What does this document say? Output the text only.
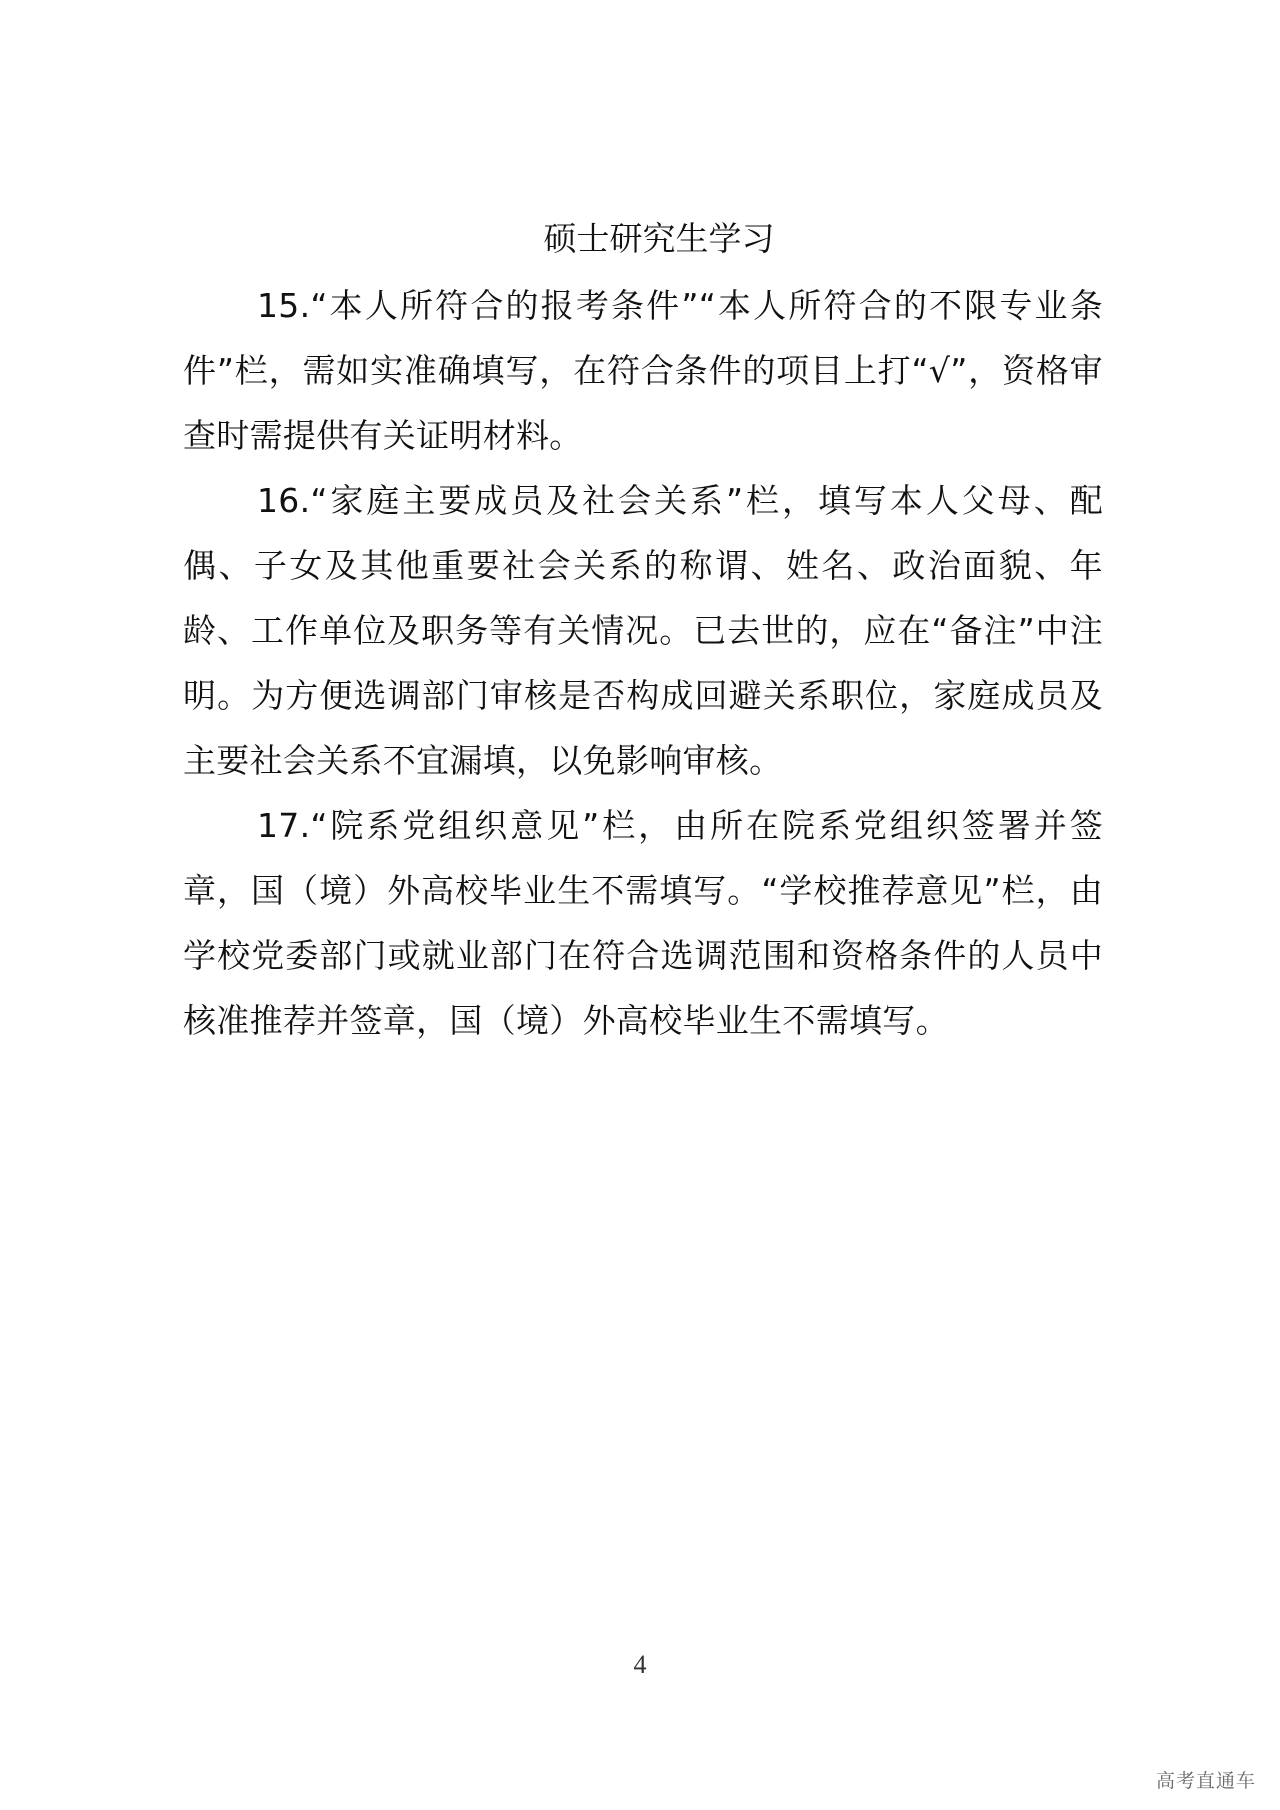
硕士研究生学习

15.“本人所符合的报考条件”“本人所符合的不限专业条件”栏，需如实准确填写，在符合条件的项目上打“√”，资格审查时需提供有关证明材料。

16.“家庭主要成员及社会关系”栏，填写本人父母、配偶、子女及其他重要社会关系的称谓、姓名、政治面貌、年龄、工作单位及职务等有关情况。已去世的，应在“备注”中注明。为方便选调部门审核是否构成回避关系职位，家庭成员及主要社会关系不宜漏填，以免影响审核。

17.“院系党组织意见”栏，由所在院系党组织签署并签章，国（境）外高校毕业生不需填写。“学校推荐意见”栏，由学校党委部门或就业部门在符合选调范围和资格条件的人员中核准推荐并签章，国（境）外高校毕业生不需填写。

4
高考直通车
